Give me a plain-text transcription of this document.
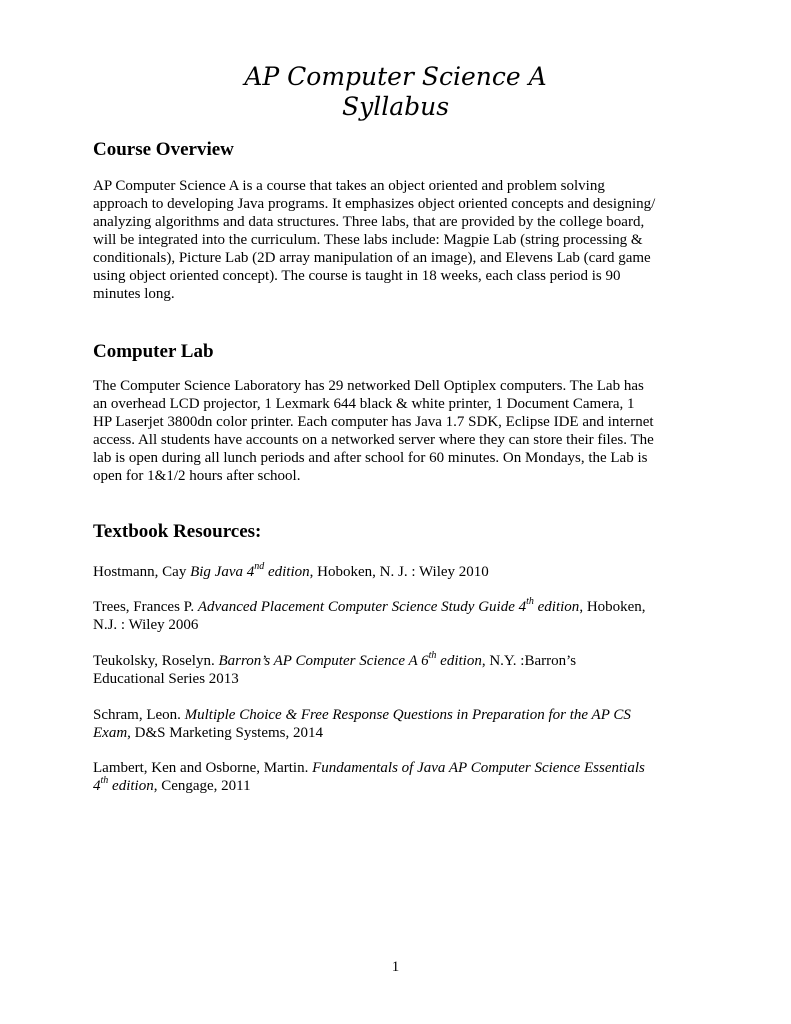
AP Computer Science A
Syllabus
Course Overview

AP Computer Science A is a course that takes an object oriented and problem solving
approach to developing Java programs. It emphasizes object oriented concepts and designing/
analyzing algorithms and data structures. Three labs, that are provided by the college board,
will be integrated into the curriculum. These labs include: Magpie Lab (string processing &
conditionals), Picture Lab (2D array manipulation of an image), and Elevens Lab (card game
using object oriented concept). The course is taught in 18 weeks, each class period is 90
minutes long.

Computer Lab

The Computer Science Laboratory has 29 networked Dell Optiplex computers. The Lab has
an overhead LCD projector, 1 Lexmark 644 black & white printer, 1 Document Camera, 1
HP Laserjet 3800dn color printer. Each computer has Java 1.7 SDK, Eclipse IDE and internet
access. All students have accounts on a networked server where they can store their files. The
lab is open during all lunch periods and after school for 60 minutes. On Mondays, the Lab is
open for 1&1/2 hours after school.

Textbook Resources:

Hostmann, Cay Big Java 4nd edition, Hoboken, N. J. : Wiley 2010

Trees, Frances P. Advanced Placement Computer Science Study Guide 4th edition, Hoboken,
N.J. : Wiley 2006

Teukolsky, Roselyn. Barron’s AP Computer Science A 6th edition, N.Y. :Barron’s
Educational Series 2013

Schram, Leon. Multiple Choice & Free Response Questions in Preparation for the AP CS
Exam, D&S Marketing Systems, 2014

Lambert, Ken and Osborne, Martin. Fundamentals of Java AP Computer Science Essentials
4th edition, Cengage, 2011

1
